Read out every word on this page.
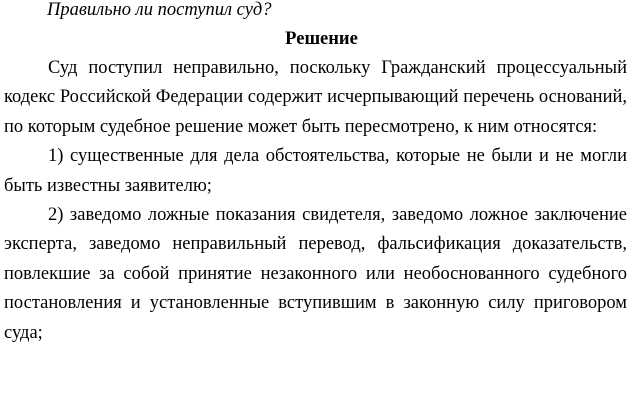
Правильно ли поступил суд?

Решение

Суд поступил неправильно, поскольку Гражданский процессуальный кодекс Российской Федерации содержит исчерпывающий перечень оснований, по которым судебное решение может быть пересмотрено, к ним относятся:

1) существенные для дела обстоятельства, которые не были и не могли быть известны заявителю;

2) заведомо ложные показания свидетеля, заведомо ложное заключение эксперта, заведомо неправильный перевод, фальсификация доказательств, повлекшие за собой принятие незаконного или необоснованного судебного постановления и установленные вступившим в законную силу приговором суда;
